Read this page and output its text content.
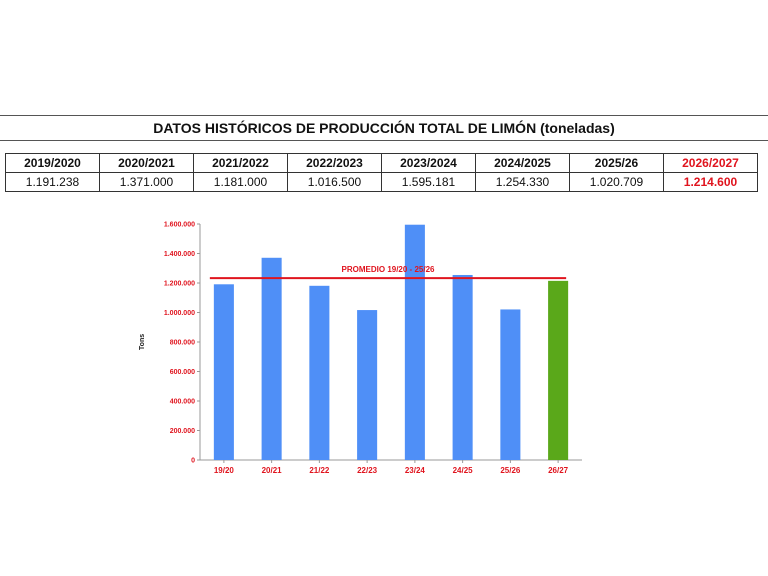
DATOS HISTÓRICOS DE PRODUCCIÓN TOTAL DE LIMÓN (toneladas)
2019/2020	2020/2021	2021/2022	2022/2023	2023/2024	2024/2025	2025/26	2026/2027
1.191.238	1.371.000	1.181.000	1.016.500	1.595.181	1.254.330	1.020.709	1.214.600
0
200.000
400.000
600.000
800.000
1.000.000
1.200.000
1.400.000
1.600.000
Tons
19/20	20/21	21/22	22/23	23/24	24/25	25/26	26/27
PROMEDIO 19/20 - 25/26
